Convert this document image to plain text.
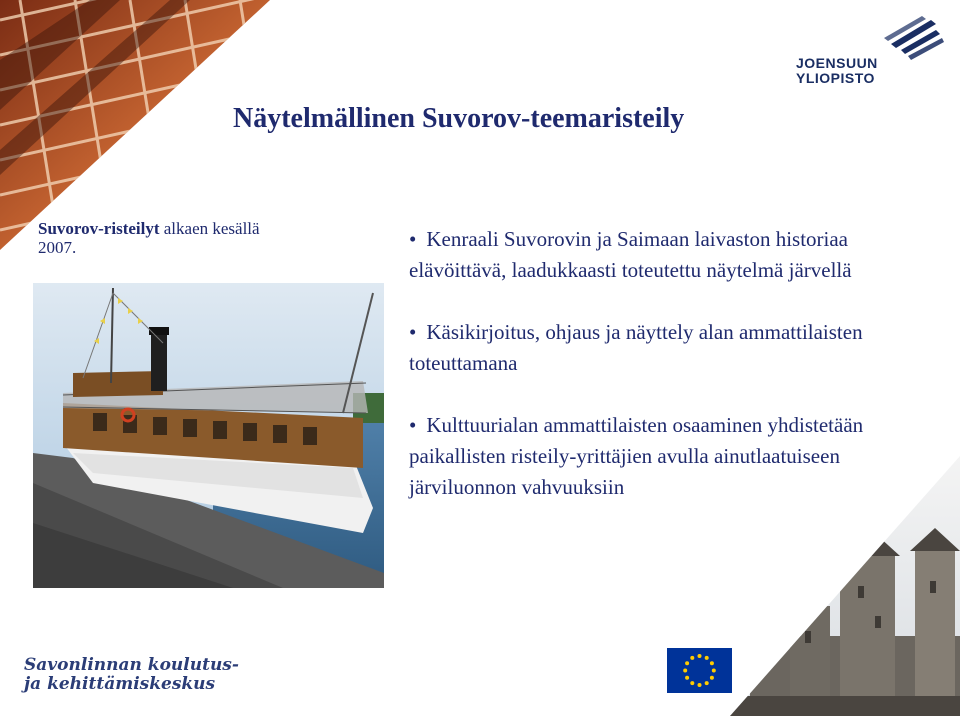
JOENSUUN
YLIOPISTO
Näytelmällinen Suvorov-teemaristeily
Suvorov-risteilyt alkaen kesällä 2007.
•	Kenraali Suvorovin ja Saimaan laivaston historiaa elävöittävä, laadukkaasti toteutettu näytelmä järvellä
• Käsikirjoitus, ohjaus ja näyttely alan ammattilaisten toteuttamana
• Kulttuurialan ammattilaisten osaaminen yhdistetään paikallisten risteily-yrittäjien avulla ainutlaatuiseen järviluonnon vahvuuksiin
Savonlinnan koulutus-
ja kehittämiskeskus
